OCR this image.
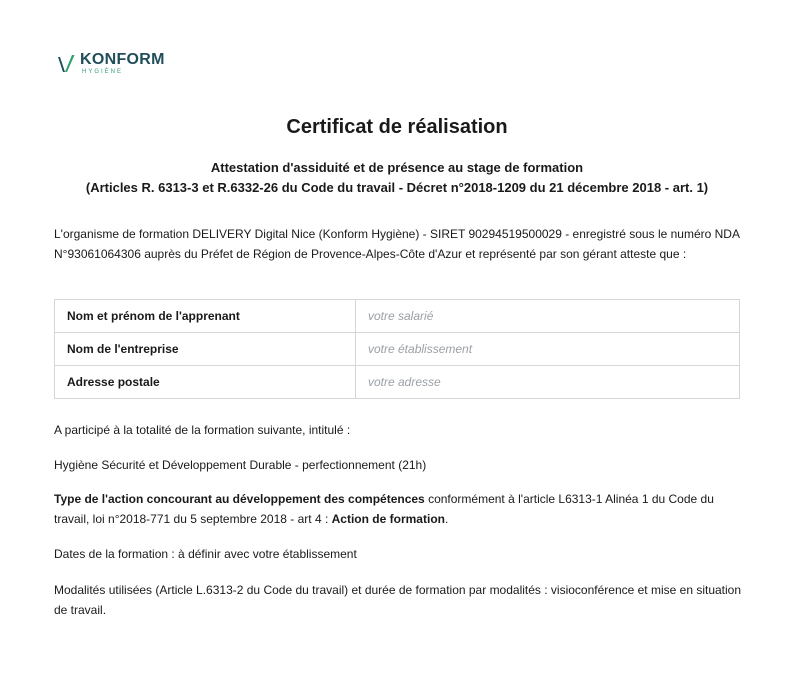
KONFORM
HYGIÈNE
Certificat de réalisation
Attestation d'assiduité et de présence au stage de formation
(Articles R. 6313-3 et R.6332-26 du Code du travail - Décret n°2018-1209 du 21 décembre 2018 - art. 1)
L'organisme de formation DELIVERY Digital Nice (Konform Hygiène) - SIRET 90294519500029 - enregistré sous le numéro NDA N°93061064306 auprès du Préfet de Région de Provence-Alpes-Côte d'Azur et représenté par son gérant atteste que :
Nom et prénom de l'apprenant	votre salarié
Nom de l'entreprise	votre établissement
Adresse postale	votre adresse
A participé à la totalité de la formation suivante, intitulé :
Hygiène Sécurité et Développement Durable - perfectionnement (21h)
Type de l'action concourant au développement des compétences conformément à l'article L6313-1 Alinéa 1 du Code du travail, loi n°2018-771 du 5 septembre 2018 - art 4 : Action de formation.
Dates de la formation : à définir avec votre établissement
Modalités utilisées (Article L.6313-2 du Code du travail) et durée de formation par modalités : visioconférence et mise en situation de travail.
